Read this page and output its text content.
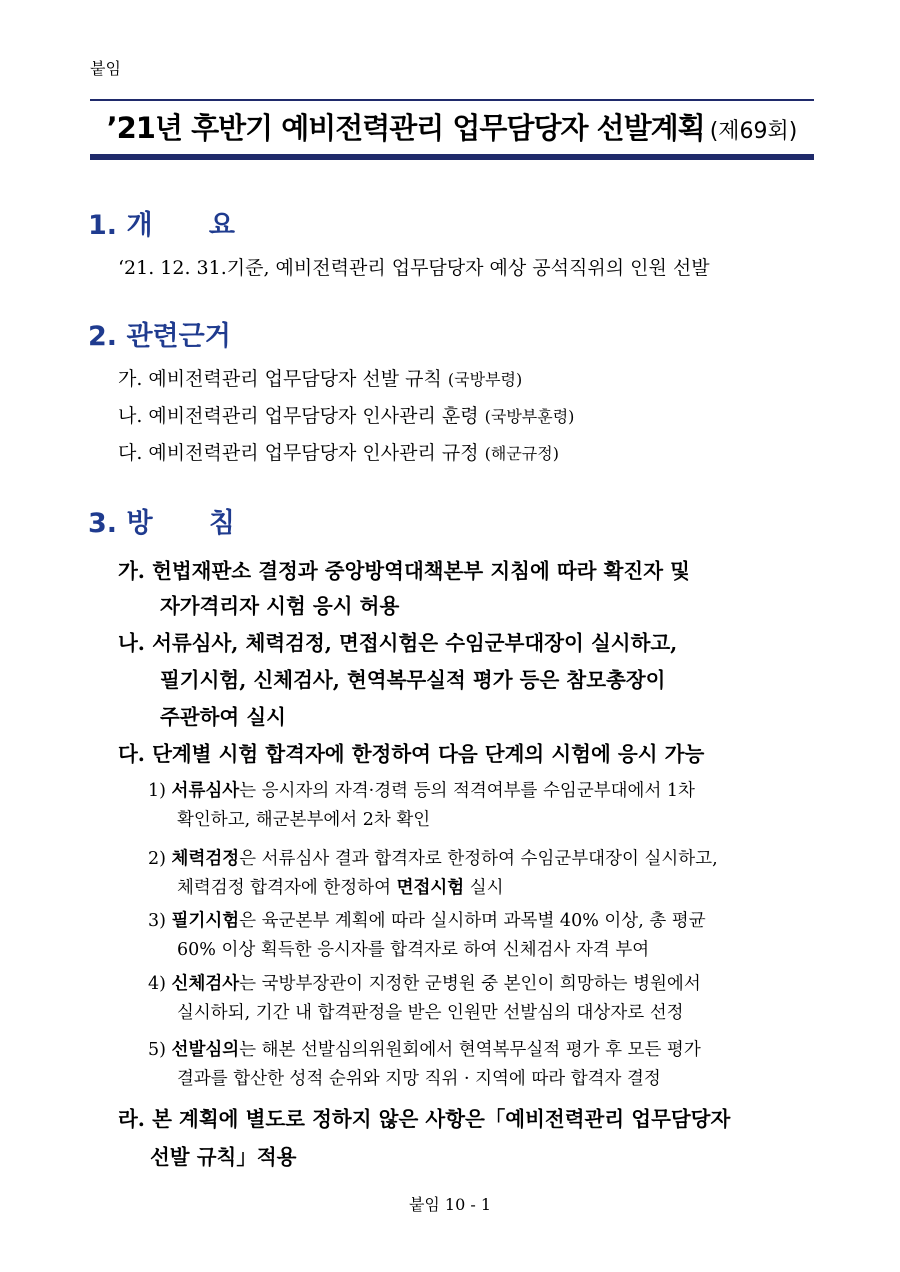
붙임
’21년 후반기 예비전력관리 업무담당자 선발계획 (제69회)
1. 개      요
‘21. 12. 31.기준, 예비전력관리 업무담당자 예상 공석직위의 인원 선발
2. 관련근거
가. 예비전력관리 업무담당자 선발 규칙 (국방부령)
나. 예비전력관리 업무담당자 인사관리 훈령 (국방부훈령)
다. 예비전력관리 업무담당자 인사관리 규정 (해군규정)
3. 방      침
가. 헌법재판소 결정과 중앙방역대책본부 지침에 따라 확진자 및
자가격리자 시험 응시 허용
나. 서류심사, 체력검정, 면접시험은 수임군부대장이 실시하고,
필기시험, 신체검사, 현역복무실적 평가 등은 참모총장이
주관하여 실시
다. 단계별 시험 합격자에 한정하여 다음 단계의 시험에 응시 가능
1) 서류심사는 응시자의 자격·경력 등의 적격여부를 수임군부대에서 1차
확인하고, 해군본부에서 2차 확인
2) 체력검정은 서류심사 결과 합격자로 한정하여 수임군부대장이 실시하고,
체력검정 합격자에 한정하여 면접시험 실시
3) 필기시험은 육군본부 계획에 따라 실시하며 과목별 40% 이상, 총 평균
60% 이상 획득한 응시자를 합격자로 하여 신체검사 자격 부여
4) 신체검사는 국방부장관이 지정한 군병원 중 본인이 희망하는 병원에서
실시하되, 기간 내 합격판정을 받은 인원만 선발심의 대상자로 선정
5) 선발심의는 해본 선발심의위원회에서 현역복무실적 평가 후 모든 평가
결과를 합산한 성적 순위와 지망 직위 · 지역에 따라 합격자 결정
라. 본 계획에 별도로 정하지 않은 사항은「예비전력관리 업무담당자
선발 규칙」적용
붙임 10 - 1
